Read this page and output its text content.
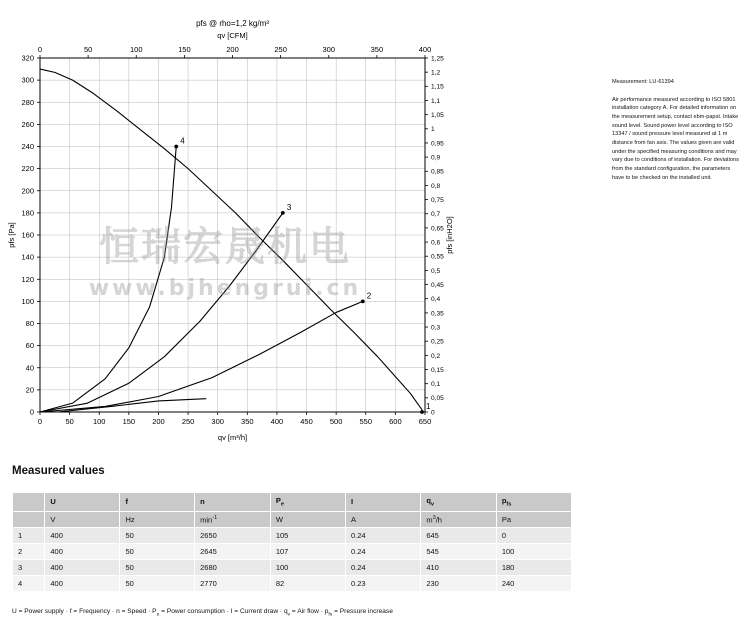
0	50	100 150 200 250 300 350 400 450 500 550 600 650
0	50	100	150	200	250	300	350	400
0
20
40
60
80
100
120
140
160
180
200
220
240
260
280
300
320
0
0,05
0,1
0,15
0,2
0,25
0,3
0,35
0,4
0,45
0,5
0,55
0,6
0,65
0,7
0,75
0,8
0,85
0,9
0,95
1
1,05
1,1
1,15
1,2
1,25
pfs @ rho=1,2 kg/m³
qv [CFM]
qv [m³/h]
pfs [Pa]	pfs [inH2O]
1
2
3
4
恒瑞宏晟机电
www.bjhengrui.cn
Measurement: LU-61394
Air performance measured according to ISO 5801 installation category A. For detailed information on the measurement setup, contact ebm-papst. Intake sound level. Sound power level according to ISO 13347 / sound pressure level measured at 1 m distance from fan axis. The values given are valid under the specified measuring conditions and may vary due to conditions of installation. For deviations from the standard configuration, the parameters have to be checked on the installed unit.
Measured values
	U	f	n	$P_e$	I	$q_v$	$p_{fs}$
	V	Hz	$\min^{-1}$	W	A	$m^3/h$	Pa
1	400	50	2650	105	0.24	645	0
2	400	50	2645	107	0.24	545	100
3	400	50	2680	100	0.24	410	180
4	400	50	2770	82	0.23	230	240
U = Power supply · f = Frequency · n = Speed · $P_e$ = Power consumption · I = Current draw · $q_v$ = Air flow · $p_{fs}$ = Pressure increase
